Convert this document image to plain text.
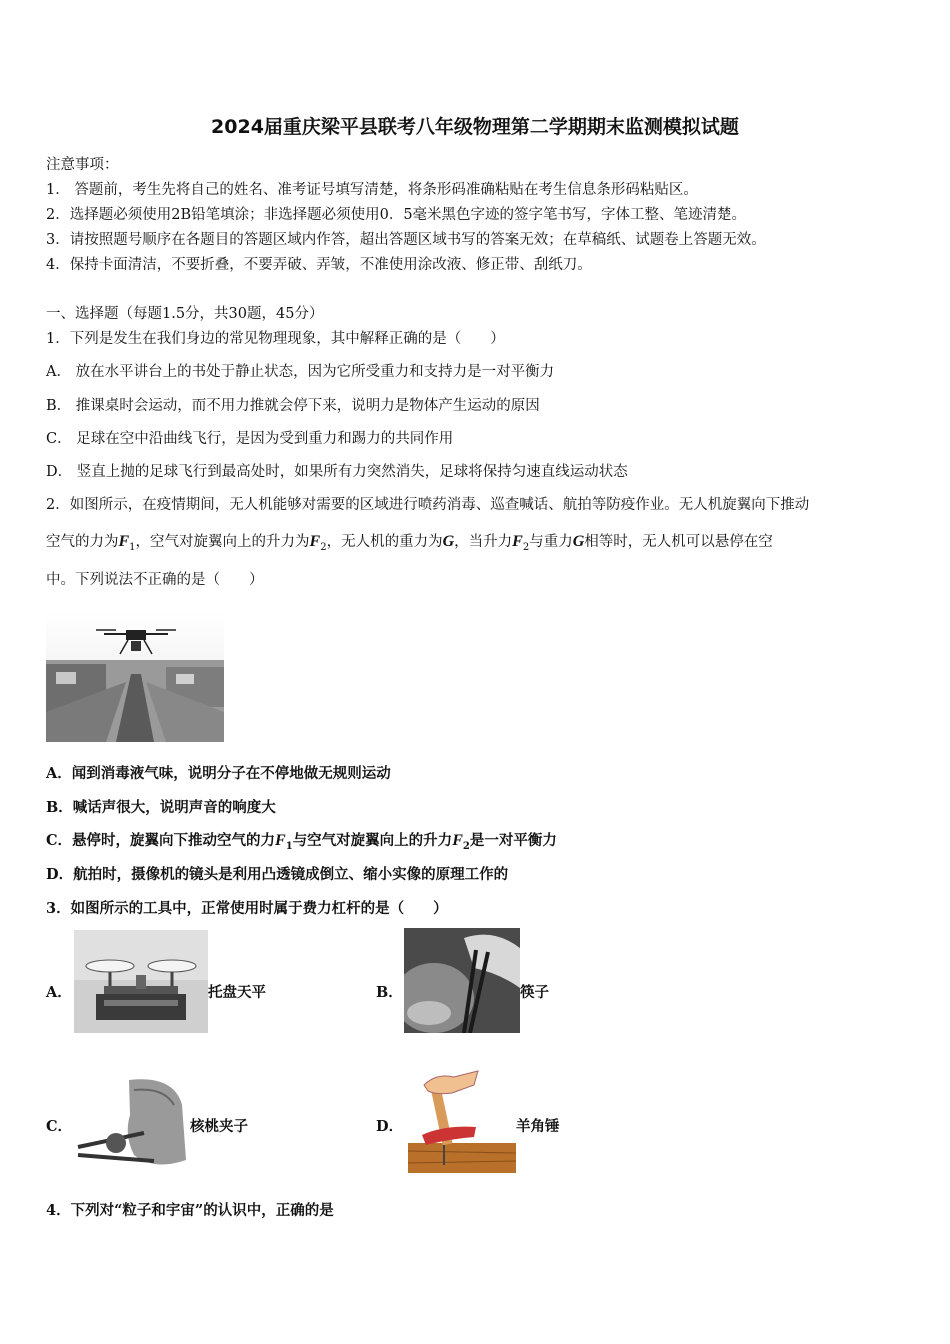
2024届重庆梁平县联考八年级物理第二学期期末监测模拟试题
注意事项：
1． 答题前，考生先将自己的姓名、准考证号填写清楚，将条形码准确粘贴在考生信息条形码粘贴区。
2．选择题必须使用2B铅笔填涂；非选择题必须使用0．5毫米黑色字迹的签字笔书写，字体工整、笔迹清楚。
3．请按照题号顺序在各题目的答题区域内作答，超出答题区域书写的答案无效；在草稿纸、试题卷上答题无效。
4．保持卡面清洁，不要折叠，不要弄破、弄皱，不准使用涂改液、修正带、刮纸刀。
一、选择题（每题1.5分，共30题，45分）
1．下列是发生在我们身边的常见物理现象，其中解释正确的是（　　）
A． 放在水平讲台上的书处于静止状态，因为它所受重力和支持力是一对平衡力
B． 推课桌时会运动，而不用力推就会停下来，说明力是物体产生运动的原因
C． 足球在空中沿曲线飞行，是因为受到重力和踢力的共同作用
D． 竖直上抛的足球飞行到最高处时，如果所有力突然消失，足球将保持匀速直线运动状态
2．如图所示，在疫情期间，无人机能够对需要的区域进行喷药消毒、巡查喊话、航拍等防疫作业。无人机旋翼向下推动
空气的力为$F_1$，空气对旋翼向上的升力为$F_2$，无人机的重力为G，当升力$F_2$与重力G相等时，无人机可以悬停在空
中。下列说法不正确的是（　　）
A．闻到消毒液气味，说明分子在不停地做无规则运动
B．喊话声很大，说明声音的响度大
C．悬停时，旋翼向下推动空气的力$F_1$与空气对旋翼向上的升力$F_2$是一对平衡力
D．航拍时，摄像机的镜头是利用凸透镜成倒立、缩小实像的原理工作的
3．如图所示的工具中，正常使用时属于费力杠杆的是（　　）
A．	托盘天平	B．	筷子
C．	核桃夹子	D．	羊角锤
4．下列对“粒子和宇宙”的认识中，正确的是
